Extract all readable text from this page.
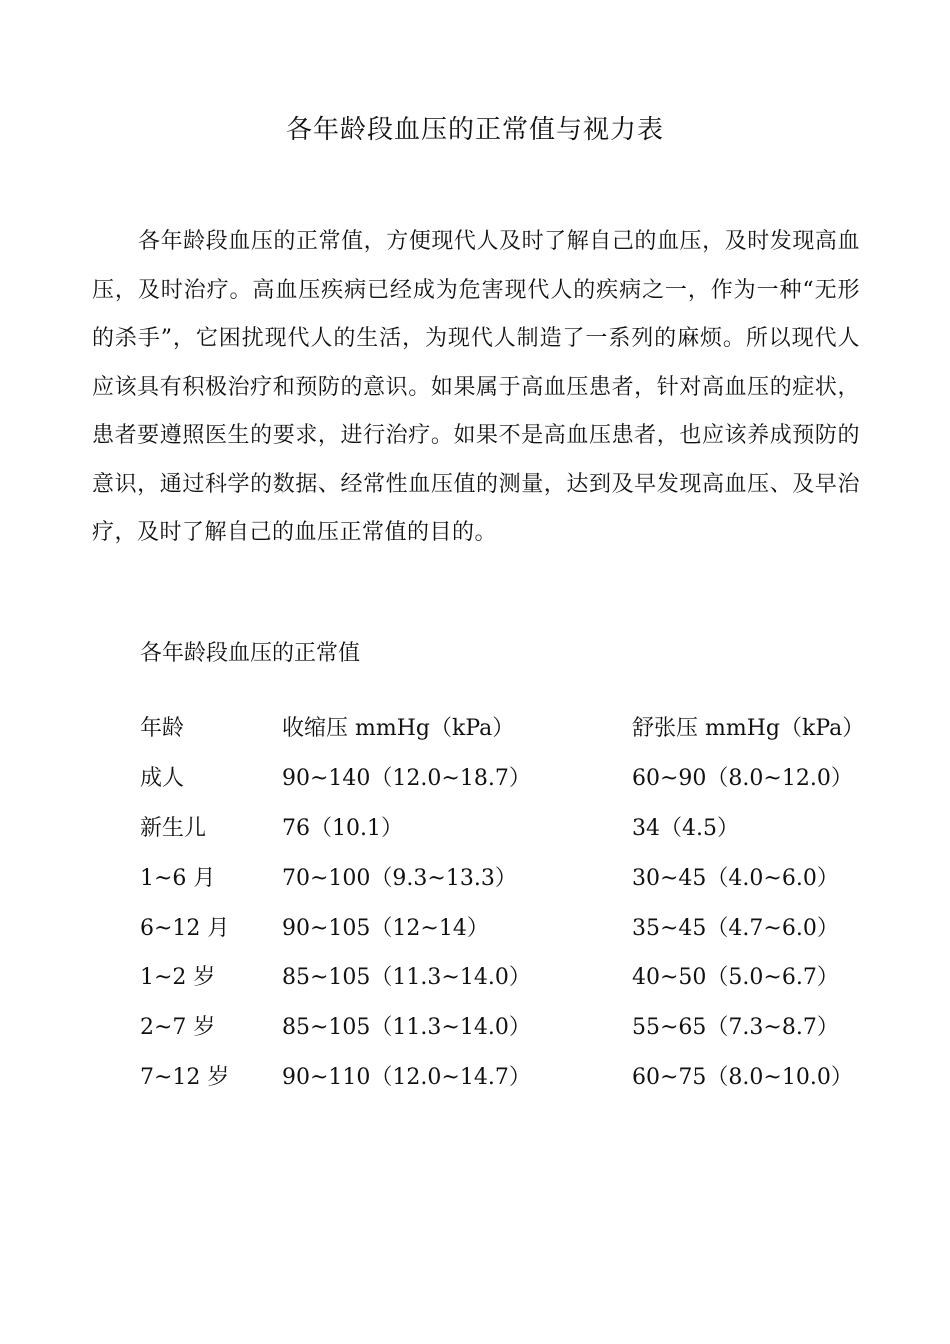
各年龄段血压的正常值与视力表

各年龄段血压的正常值，方便现代人及时了解自己的血压，及时发现高血 压，及时治疗。高血压疾病已经成为危害现代人的疾病之一，作为一种“无形的杀手”，它困扰现代人的生活，为现代人制造了一系列的麻烦。所以现代人应该具有积极治疗和预防的意识。如果属于高血压患者，针对高血压的症状，患者要遵照医生的要求，进行治疗。如果不是高血压患者，也应该养成预防的意识，通过科学的数据、经常性血压值的测量，达到及早发现高血压、及早治疗，及时了解自己的血压正常值的目的。

各年龄段血压的正常值
年龄	收缩压 mmHg（kPa）	舒张压 mmHg（kPa）
成人	90~140（12.0~18.7）	60~90（8.0~12.0）
新生儿	76（10.1）	34（4.5）
1~6 月	70~100（9.3~13.3）	30~45（4.0~6.0）
6~12 月	90~105（12~14）	35~45（4.7~6.0）
1~2 岁	85~105（11.3~14.0）	40~50（5.0~6.7）
2~7 岁	85~105（11.3~14.0）	55~65（7.3~8.7）
7~12 岁	90~110（12.0~14.7）	60~75（8.0~10.0）
